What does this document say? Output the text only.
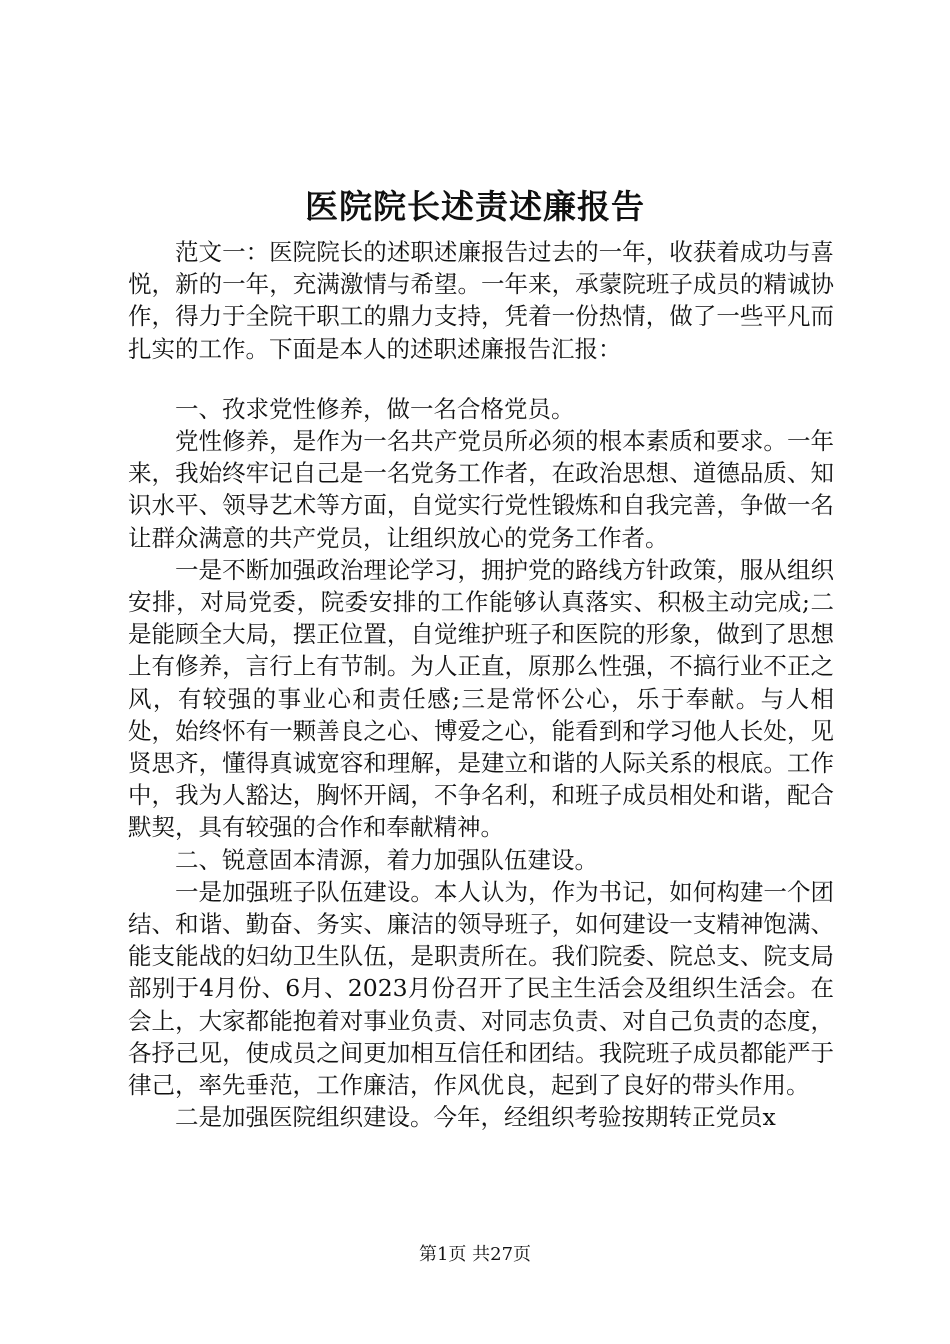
医院院长述责述廉报告

范文一：医院院长的述职述廉报告过去的一年，收获着成功与喜悦，新的一年，充满激情与希望。一年来，承蒙院班子成员的精诚协作，得力于全院干职工的鼎力支持，凭着一份热情，做了一些平凡而扎实的工作。下面是本人的述职述廉报告汇报：

一、孜求党性修养，做一名合格党员。

党性修养，是作为一名共产党员所必须的根本素质和要求。一年来，我始终牢记自己是一名党务工作者，在政治思想、道德品质、知识水平、领导艺术等方面，自觉实行党性锻炼和自我完善，争做一名让群众满意的共产党员，让组织放心的党务工作者。

一是不断加强政治理论学习，拥护党的路线方针政策，服从组织安排，对局党委，院委安排的工作能够认真落实、积极主动完成;二是能顾全大局，摆正位置，自觉维护班子和医院的形象，做到了思想上有修养，言行上有节制。为人正直，原那么性强，不搞行业不正之风，有较强的事业心和责任感;三是常怀公心，乐于奉献。与人相处，始终怀有一颗善良之心、博爱之心，能看到和学习他人长处，见贤思齐，懂得真诚宽容和理解，是建立和谐的人际关系的根底。工作中，我为人豁达，胸怀开阔，不争名利，和班子成员相处和谐，配合默契，具有较强的合作和奉献精神。

二、锐意固本清源，着力加强队伍建设。

一是加强班子队伍建设。本人认为，作为书记，如何构建一个团结、和谐、勤奋、务实、廉洁的领导班子，如何建设一支精神饱满、能支能战的妇幼卫生队伍，是职责所在。我们院委、院总支、院支局部别于4月份、6月、2023月份召开了民主生活会及组织生活会。在会上，大家都能抱着对事业负责、对同志负责、对自己负责的态度，各抒己见，使成员之间更加相互信任和团结。我院班子成员都能严于律己，率先垂范，工作廉洁，作风优良，起到了良好的带头作用。

二是加强医院组织建设。今年，经组织考验按期转正党员x

第1页 共27页
